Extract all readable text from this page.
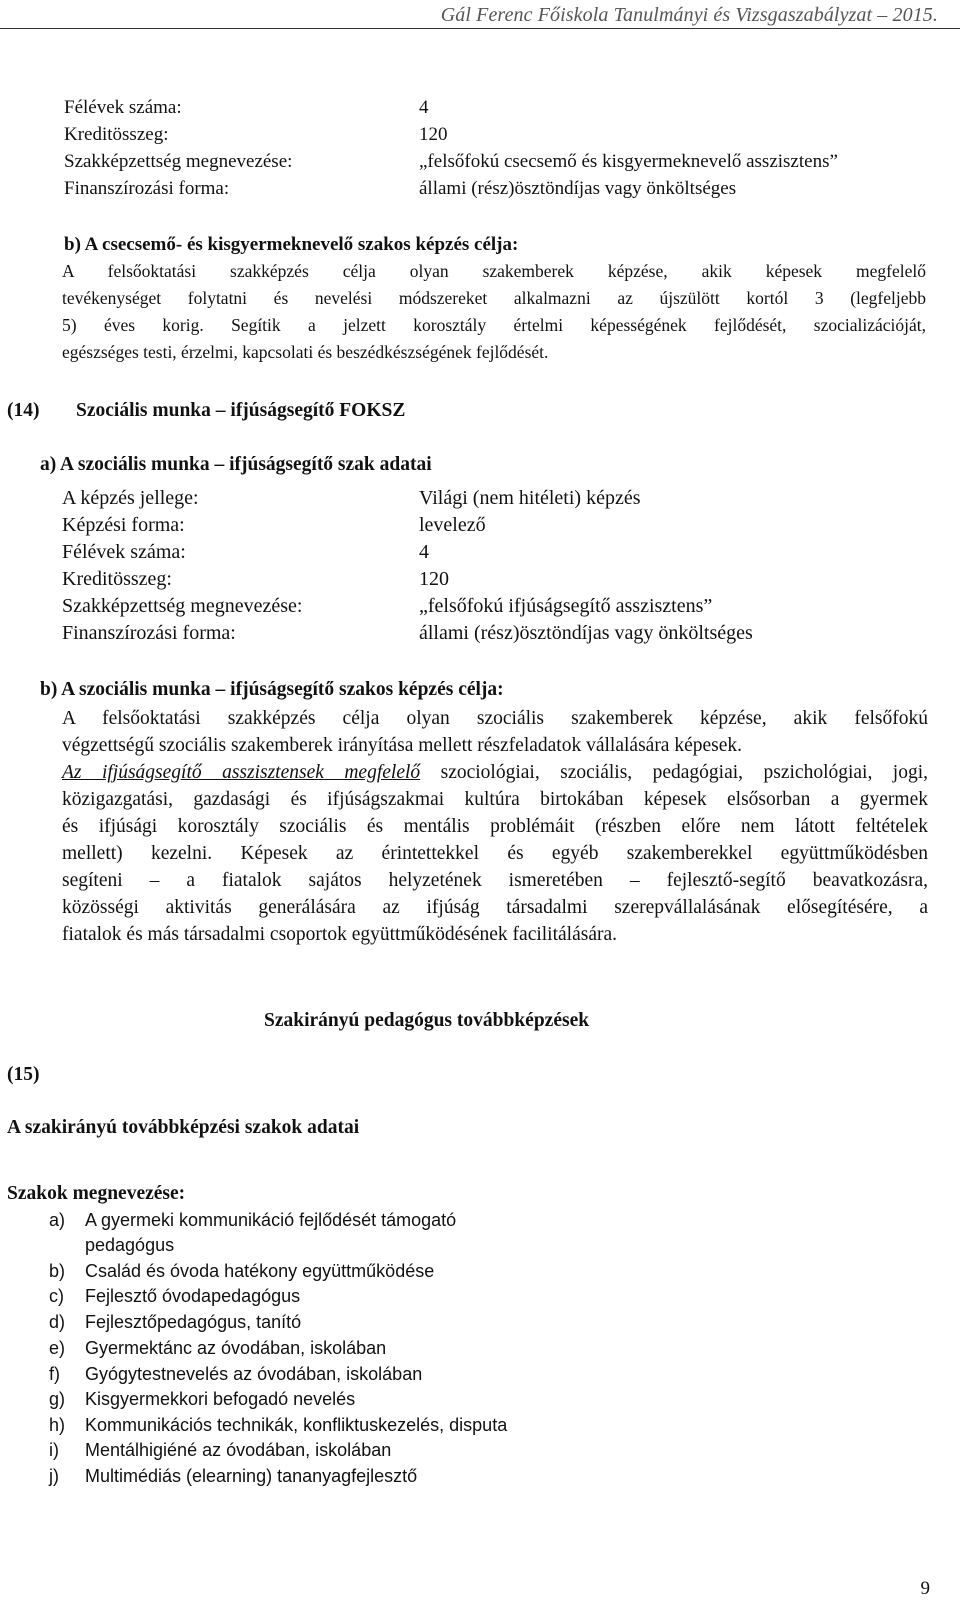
Gál Ferenc Főiskola Tanulmányi és Vizsgaszabályzat – 2015.
Félévek száma:	4
Kreditösszeg:	120
Szakképzettség megnevezése:	„felsőfokú csecsemő és kisgyermeknevelő asszisztens”
Finanszírozási forma:	állami (rész)ösztöndíjas vagy önköltséges
b) A csecsemő- és kisgyermeknevelő szakos képzés célja:
A felsőoktatási szakképzés célja olyan szakemberek képzése, akik képesek megfelelő
tevékenységet folytatni és nevelési módszereket alkalmazni az újszülött kortól 3 (legfeljebb
5) éves korig. Segítik a jelzett korosztály értelmi képességének fejlődését, szocializációját,
egészséges testi, érzelmi, kapcsolati és beszédkészségének fejlődését.
(14) Szociális munka – ifjúságsegítő FOKSZ
a) A szociális munka – ifjúságsegítő szak adatai
A képzés jellege:	Világi (nem hitéleti) képzés
Képzési forma:	levelező
Félévek száma:	4
Kreditösszeg:	120
Szakképzettség megnevezése:	„felsőfokú ifjúságsegítő asszisztens”
Finanszírozási forma:	állami (rész)ösztöndíjas vagy önköltséges
b) A szociális munka – ifjúságsegítő szakos képzés célja:
A felsőoktatási szakképzés célja olyan szociális szakemberek képzése, akik felsőfokú
végzettségű szociális szakemberek irányítása mellett részfeladatok vállalására képesek.
Az ifjúságsegítő asszisztensek megfelelő szociológiai, szociális, pedagógiai, pszichológiai, jogi,
közigazgatási, gazdasági és ifjúságszakmai kultúra birtokában képesek elsősorban a gyermek
és ifjúsági korosztály szociális és mentális problémáit (részben előre nem látott feltételek
mellett) kezelni. Képesek az érintettekkel és egyéb szakemberekkel együttműködésben
segíteni – a fiatalok sajátos helyzetének ismeretében – fejlesztő-segítő beavatkozásra,
közösségi aktivitás generálására az ifjúság társadalmi szerepvállalásának elősegítésére, a
fiatalok és más társadalmi csoportok együttműködésének facilitálására.
Szakirányú pedagógus továbbképzések
(15)
A szakirányú továbbképzési szakok adatai
Szakok megnevezése:
a) A gyermeki kommunikáció fejlődését támogató
pedagógus
b) Család és óvoda hatékony együttműködése
c) Fejlesztő óvodapedagógus
d) Fejlesztőpedagógus, tanító
e) Gyermektánc az óvodában, iskolában
f) Gyógytestnevelés az óvodában, iskolában
g) Kisgyermekkori befogadó nevelés
h) Kommunikációs technikák, konfliktuskezelés, disputa
i) Mentálhigiéné az óvodában, iskolában
j) Multimédiás (elearning) tananyagfejlesztő
9
